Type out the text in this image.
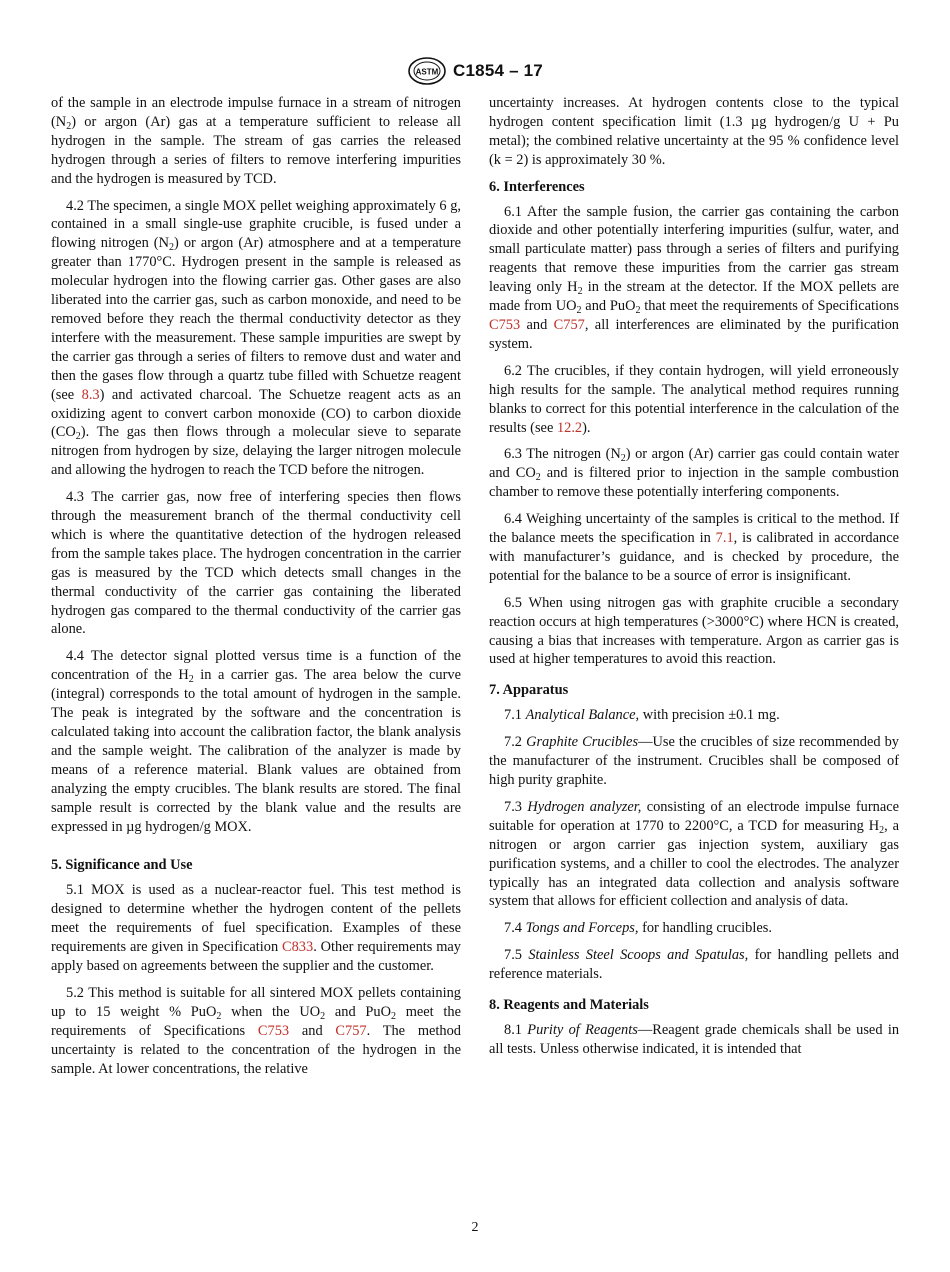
ASTM C1854 – 17

of the sample in an electrode impulse furnace in a stream of nitrogen $(N_2)$ or argon (Ar) gas at a temperature sufficient to release all hydrogen in the sample. The stream of gas carries the released hydrogen through a series of filters to remove interfering impurities and the hydrogen is measured by TCD.

4.2 The specimen, a single MOX pellet weighing approximately 6 g, contained in a small single-use graphite crucible, is fused under a flowing nitrogen $(N_2)$ or argon (Ar) atmosphere and at a temperature greater than 1770°C. Hydrogen present in the sample is released as molecular hydrogen into the flowing carrier gas. Other gases are also liberated into the carrier gas, such as carbon monoxide, and need to be removed before they reach the thermal conductivity detector as they interfere with the measurement. These sample impurities are swept by the carrier gas through a series of filters to remove dust and water and then the gases flow through a quartz tube filled with Schuetze reagent (see 8.3) and activated charcoal. The Schuetze reagent acts as an oxidizing agent to convert carbon monoxide (CO) to carbon dioxide $(CO_2)$. The gas then flows through a molecular sieve to separate nitrogen from hydrogen by size, delaying the larger nitrogen molecule and allowing the hydrogen to reach the TCD before the nitrogen.

4.3 The carrier gas, now free of interfering species then flows through the measurement branch of the thermal conductivity cell which is where the quantitative detection of the hydrogen released from the sample takes place. The hydrogen concentration in the carrier gas is measured by the TCD which detects small changes in the thermal conductivity of the carrier gas containing the liberated hydrogen gas compared to the thermal conductivity of the carrier gas alone.

4.4 The detector signal plotted versus time is a function of the concentration of the $H_2$ in a carrier gas. The area below the curve (integral) corresponds to the total amount of hydrogen in the sample. The peak is integrated by the software and the concentration is calculated taking into account the calibration factor, the blank analysis and the sample weight. The calibration of the analyzer is made by means of a reference material. Blank values are obtained from analyzing the empty crucibles. The blank results are stored. The final sample result is corrected by the blank value and the results are expressed in µg hydrogen/g MOX.

5. Significance and Use

5.1 MOX is used as a nuclear-reactor fuel. This test method is designed to determine whether the hydrogen content of the pellets meet the requirements of fuel specification. Examples of these requirements are given in Specification C833. Other requirements may apply based on agreements between the supplier and the customer.

5.2 This method is suitable for all sintered MOX pellets containing up to 15 weight % PuO$_2$ when the $UO_2$ and PuO$_2$ meet the requirements of Specifications C753 and C757. The method uncertainty is related to the concentration of the hydrogen in the sample. At lower concentrations, the relative

uncertainty increases. At hydrogen contents close to the typical hydrogen content specification limit (1.3 µg hydrogen/g U + Pu metal); the combined relative uncertainty at the 95 % confidence level (k = 2) is approximately 30 %.

6. Interferences

6.1 After the sample fusion, the carrier gas containing the carbon dioxide and other potentially interfering impurities (sulfur, water, and small particulate matter) pass through a series of filters and purifying reagents that remove these impurities from the carrier gas stream leaving only $H_2$ in the stream at the detector. If the MOX pellets are made from $UO_2$ and PuO$_2$ that meet the requirements of Specifications C753 and C757, all interferences are eliminated by the purification system.

6.2 The crucibles, if they contain hydrogen, will yield erroneously high results for the sample. The analytical method requires running blanks to correct for this potential interference in the calculation of the results (see 12.2).

6.3 The nitrogen $(N_2)$ or argon (Ar) carrier gas could contain water and $CO_2$ and is filtered prior to injection in the sample combustion chamber to remove these potentially interfering components.

6.4 Weighing uncertainty of the samples is critical to the method. If the balance meets the specification in 7.1, is calibrated in accordance with manufacturer’s guidance, and is checked by procedure, the potential for the balance to be a source of error is insignificant.

6.5 When using nitrogen gas with graphite crucible a secondary reaction occurs at high temperatures (>3000°C) where HCN is created, causing a bias that increases with temperature. Argon as carrier gas is used at higher temperatures to avoid this reaction.

7. Apparatus

7.1 Analytical Balance, with precision ±0.1 mg.

7.2 Graphite Crucibles—Use the crucibles of size recommended by the manufacturer of the instrument. Crucibles shall be composed of high purity graphite.

7.3 Hydrogen analyzer, consisting of an electrode impulse furnace suitable for operation at 1770 to 2200°C, a TCD for measuring $H_2$, a nitrogen or argon carrier gas injection system, auxiliary gas purification systems, and a chiller to cool the electrodes. The analyzer typically has an integrated data collection and analysis software system that allows for efficient collection and analysis of data.

7.4 Tongs and Forceps, for handling crucibles.

7.5 Stainless Steel Scoops and Spatulas, for handling pellets and reference materials.

8. Reagents and Materials

8.1 Purity of Reagents—Reagent grade chemicals shall be used in all tests. Unless otherwise indicated, it is intended that

2
